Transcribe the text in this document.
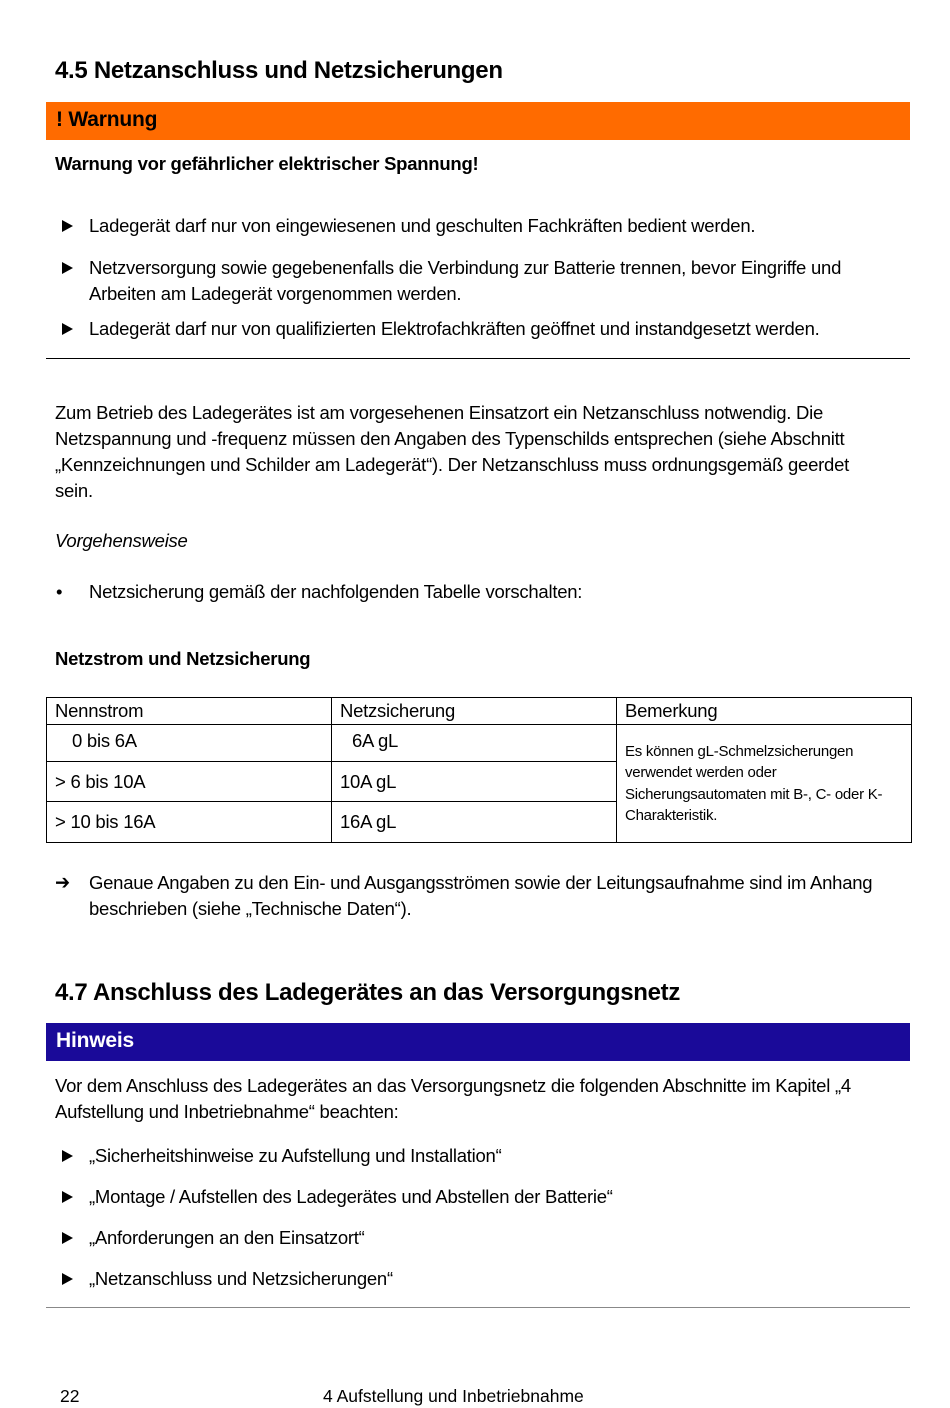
4.5 Netzanschluss und Netzsicherungen
! Warnung
Warnung vor gefährlicher elektrischer Spannung!
Ladegerät darf nur von eingewiesenen und geschulten Fachkräften bedient werden.
Netzversorgung sowie gegebenenfalls die Verbindung zur Batterie trennen, bevor Eingriffe und Arbeiten am Ladegerät vorgenommen werden.
Ladegerät darf nur von qualifizierten Elektrofachkräften geöffnet und instandgesetzt werden.
Zum Betrieb des Ladegerätes ist am vorgesehenen Einsatzort ein Netzanschluss notwendig. Die Netzspannung und -frequenz müssen den Angaben des Typenschilds entsprechen (siehe Abschnitt „Kennzeichnungen und Schilder am Ladegerät“). Der Netzanschluss muss ordnungsgemäß geerdet sein.
Vorgehensweise
• Netzsicherung gemäß der nachfolgenden Tabelle vorschalten:
Netzstrom und Netzsicherung
Nennstrom	Netzsicherung	Bemerkung
0 bis 6A	6A gL	Es können gL-Schmelzsicherungen verwendet werden oder Sicherungsautomaten mit B-, C- oder K-Charakteristik.
> 6 bis 10A	10A gL	
> 10 bis 16A	16A gL	
➔ Genaue Angaben zu den Ein- und Ausgangsströmen sowie der Leitungsaufnahme sind im Anhang beschrieben (siehe „Technische Daten“).
4.7 Anschluss des Ladegerätes an das Versorgungsnetz
Hinweis
Vor dem Anschluss des Ladegerätes an das Versorgungsnetz die folgenden Abschnitte im Kapitel „4 Aufstellung und Inbetriebnahme“ beachten:
„Sicherheitshinweise zu Aufstellung und Installation“
„Montage / Aufstellen des Ladegerätes und Abstellen der Batterie“
„Anforderungen an den Einsatzort“
„Netzanschluss und Netzsicherungen“
22	4 Aufstellung und Inbetriebnahme
